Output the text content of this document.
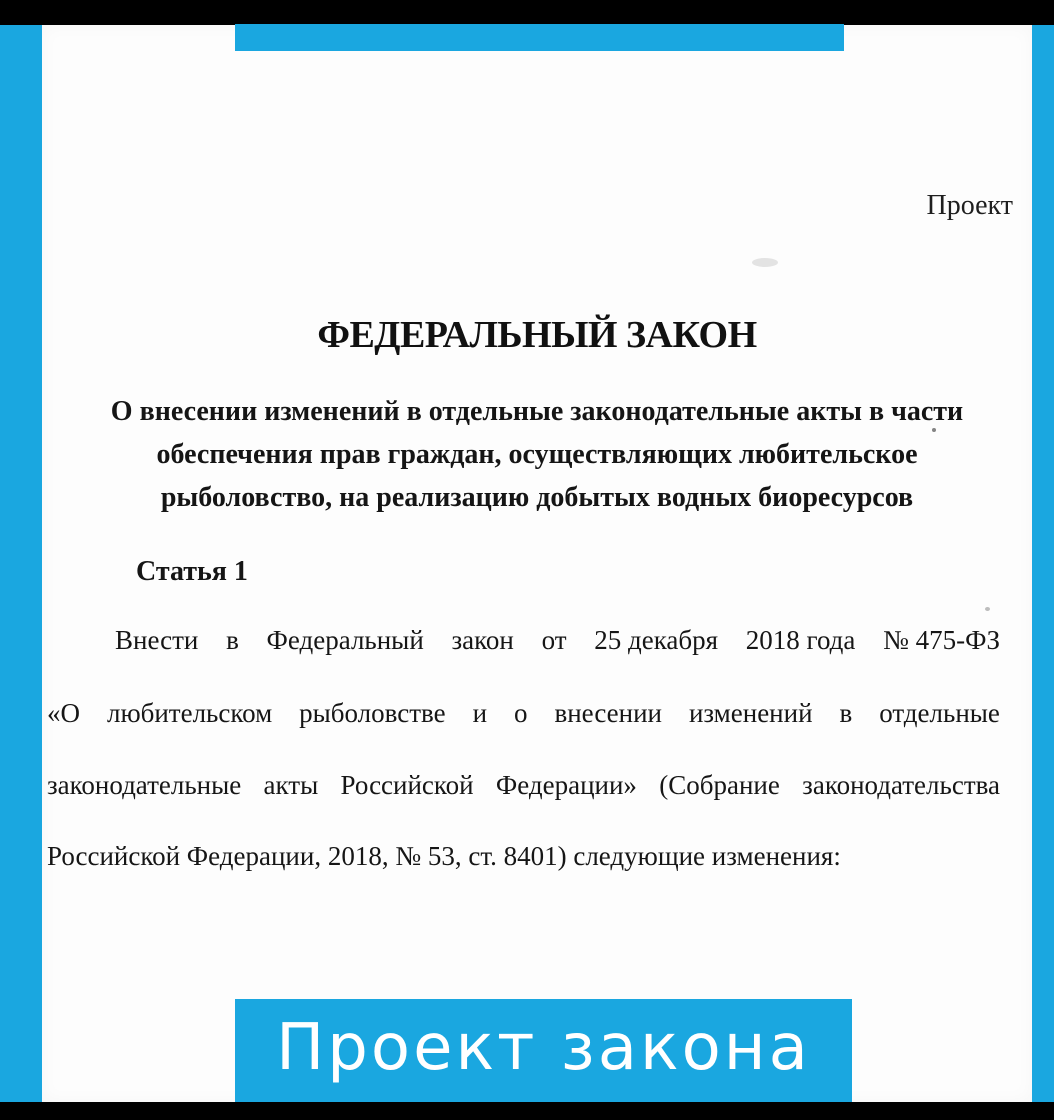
Проект
ФЕДЕРАЛЬНЫЙ ЗАКОН
О внесении изменений в отдельные законодательные акты в части
обеспечения прав граждан, осуществляющих любительское
рыболовство, на реализацию добытых водных биоресурсов
Статья 1
Внести в Федеральный закон от 25 декабря 2018 года № 475-ФЗ
«О любительском рыболовстве и о внесении изменений в отдельные
законодательные акты Российской Федерации» (Собрание законодательства
Российской Федерации, 2018, № 53, ст. 8401) следующие изменения:
Проект закона
